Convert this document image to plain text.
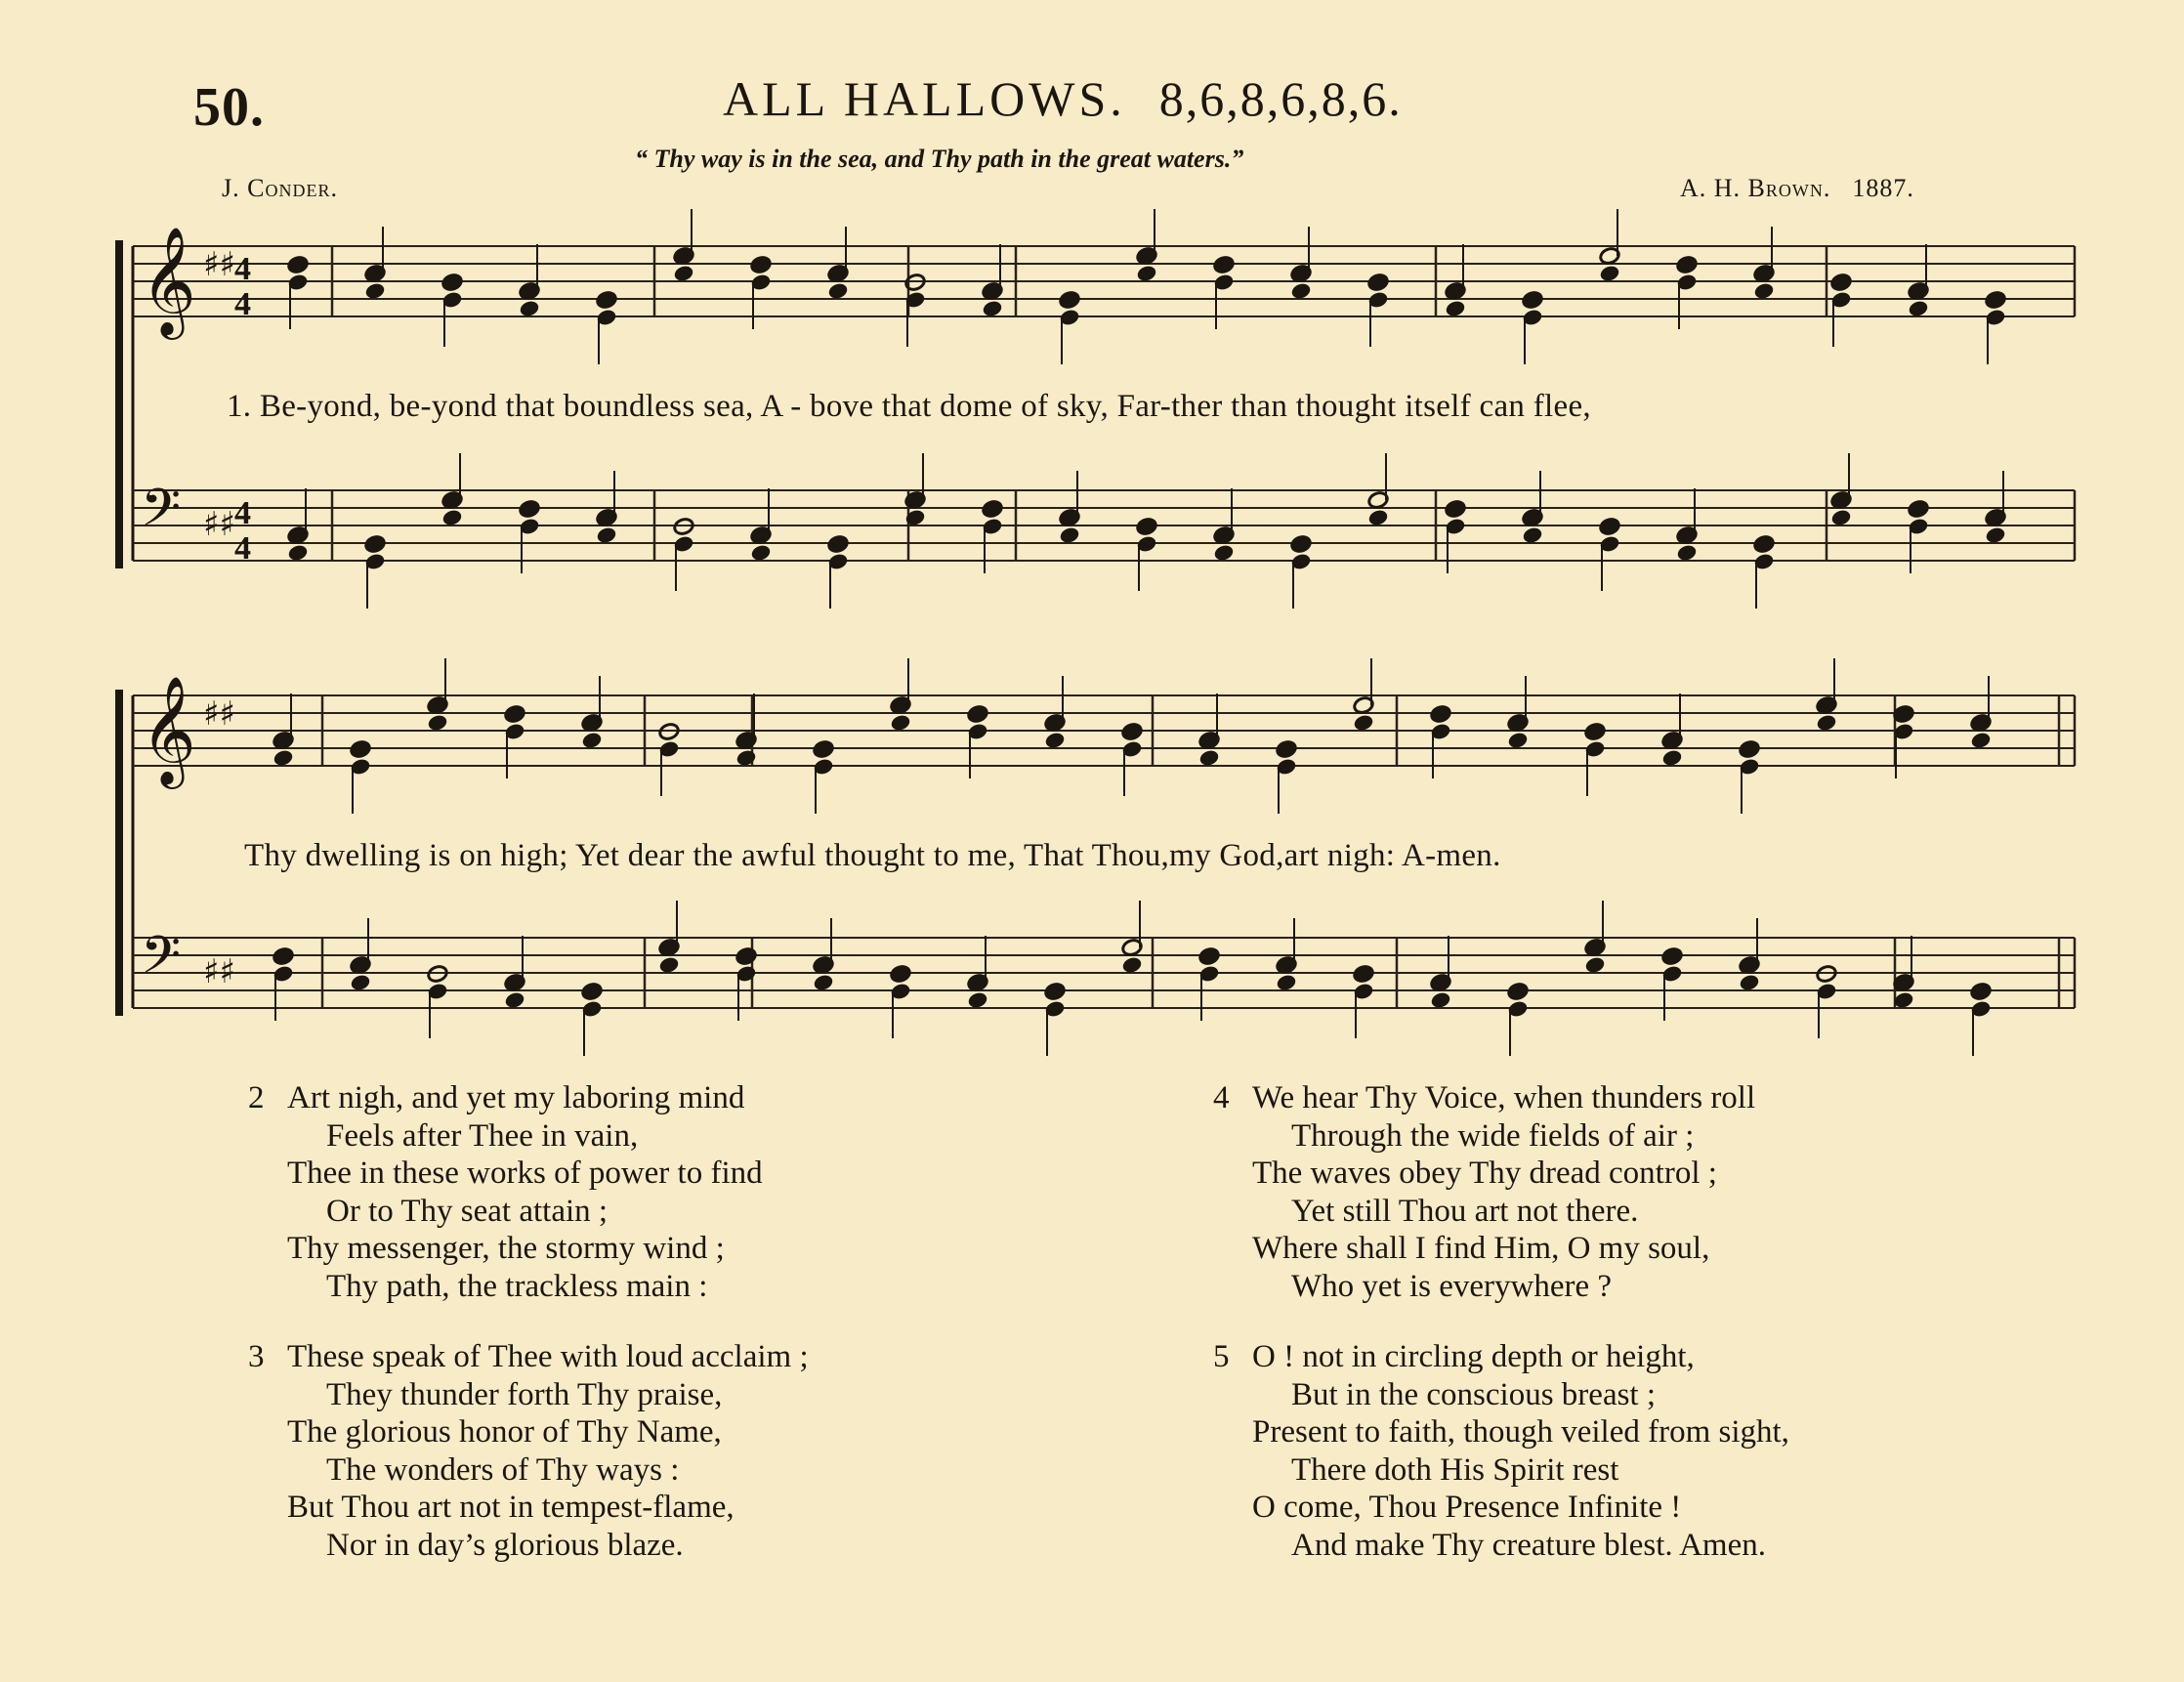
50.	ALL HALLOWS. 8,6,8,6,8,6.
“ Thy way is in the sea, and Thy path in the great waters.”
J. Conder.	A. H. Brown. 1887.
𝄞 ♯♯ 4
4
𝄢 ♯♯ 4
4
𝄞 ♯♯
𝄢 ♯♯
1. Be-yond, be-yond that boundless sea, A - bove that dome of sky, Far-ther than thought itself can flee,
Thy dwelling is on high; Yet dear the awful thought to me, That Thou,my God,art nigh: A-men.
2 Art nigh, and yet my laboring mind
Feels after Thee in vain,
Thee in these works of power to find
Or to Thy seat attain ;
Thy messenger, the stormy wind ;
Thy path, the trackless main :
3 These speak of Thee with loud acclaim ;
They thunder forth Thy praise,
The glorious honor of Thy Name,
The wonders of Thy ways :
But Thou art not in tempest-flame,
Nor in day’s glorious blaze.
4 We hear Thy Voice, when thunders roll
Through the wide fields of air ;
The waves obey Thy dread control ;
Yet still Thou art not there.
Where shall I find Him, O my soul,
Who yet is everywhere ?
5 O ! not in circling depth or height,
But in the conscious breast ;
Present to faith, though veiled from sight,
There doth His Spirit rest
O come, Thou Presence Infinite !
And make Thy creature blest. Amen.
